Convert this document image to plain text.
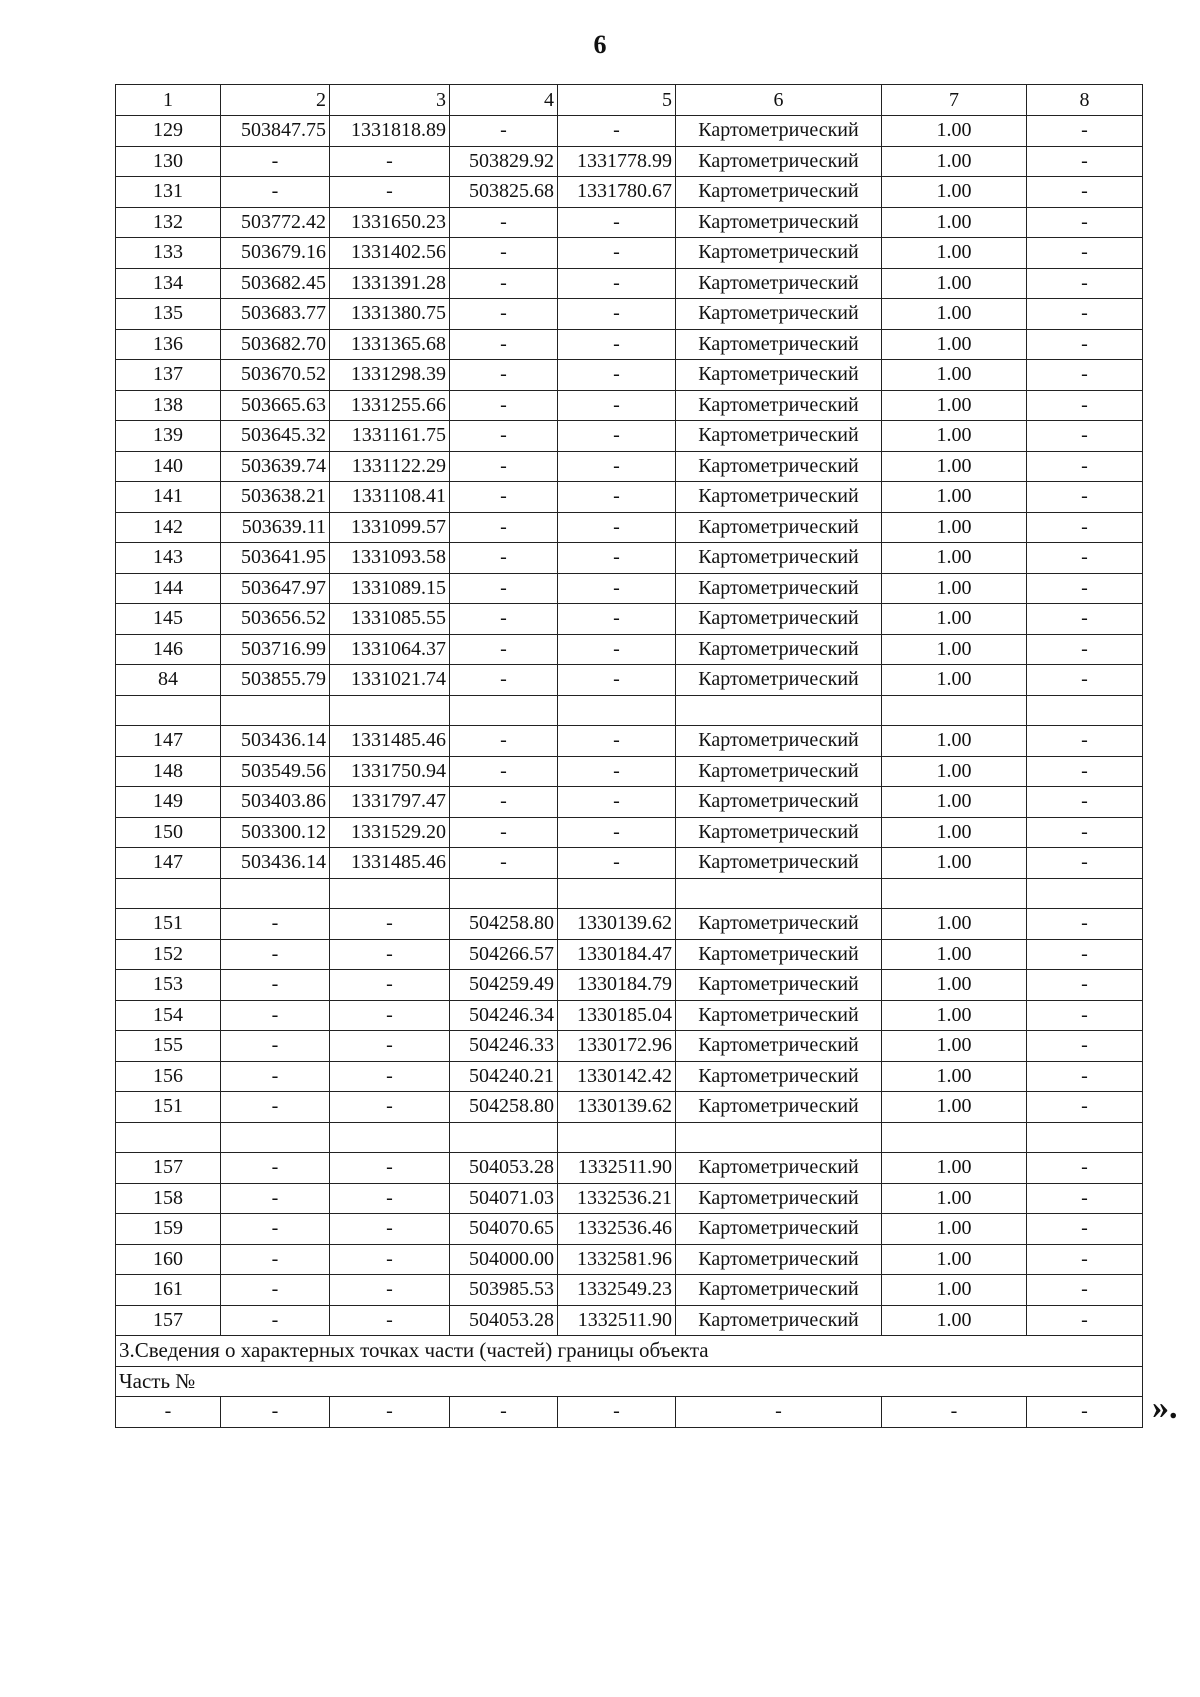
6
1	2	3	4	5	6	7	8
129	503847.75	1331818.89	-	-	Картометрический	1.00	-
130	-	-	503829.92	1331778.99	Картометрический	1.00	-
131	-	-	503825.68	1331780.67	Картометрический	1.00	-
132	503772.42	1331650.23	-	-	Картометрический	1.00	-
133	503679.16	1331402.56	-	-	Картометрический	1.00	-
134	503682.45	1331391.28	-	-	Картометрический	1.00	-
135	503683.77	1331380.75	-	-	Картометрический	1.00	-
136	503682.70	1331365.68	-	-	Картометрический	1.00	-
137	503670.52	1331298.39	-	-	Картометрический	1.00	-
138	503665.63	1331255.66	-	-	Картометрический	1.00	-
139	503645.32	1331161.75	-	-	Картометрический	1.00	-
140	503639.74	1331122.29	-	-	Картометрический	1.00	-
141	503638.21	1331108.41	-	-	Картометрический	1.00	-
142	503639.11	1331099.57	-	-	Картометрический	1.00	-
143	503641.95	1331093.58	-	-	Картометрический	1.00	-
144	503647.97	1331089.15	-	-	Картометрический	1.00	-
145	503656.52	1331085.55	-	-	Картометрический	1.00	-
146	503716.99	1331064.37	-	-	Картометрический	1.00	-
84	503855.79	1331021.74	-	-	Картометрический	1.00	-

147	503436.14	1331485.46	-	-	Картометрический	1.00	-
148	503549.56	1331750.94	-	-	Картометрический	1.00	-
149	503403.86	1331797.47	-	-	Картометрический	1.00	-
150	503300.12	1331529.20	-	-	Картометрический	1.00	-
147	503436.14	1331485.46	-	-	Картометрический	1.00	-

151	-	-	504258.80	1330139.62	Картометрический	1.00	-
152	-	-	504266.57	1330184.47	Картометрический	1.00	-
153	-	-	504259.49	1330184.79	Картометрический	1.00	-
154	-	-	504246.34	1330185.04	Картометрический	1.00	-
155	-	-	504246.33	1330172.96	Картометрический	1.00	-
156	-	-	504240.21	1330142.42	Картометрический	1.00	-
151	-	-	504258.80	1330139.62	Картометрический	1.00	-

157	-	-	504053.28	1332511.90	Картометрический	1.00	-
158	-	-	504071.03	1332536.21	Картометрический	1.00	-
159	-	-	504070.65	1332536.46	Картометрический	1.00	-
160	-	-	504000.00	1332581.96	Картометрический	1.00	-
161	-	-	503985.53	1332549.23	Картометрический	1.00	-
157	-	-	504053.28	1332511.90	Картометрический	1.00	-
3.Сведения о характерных точках части (частей) границы объекта							
Часть №							
-	-	-	-	-	-	-	- ».
